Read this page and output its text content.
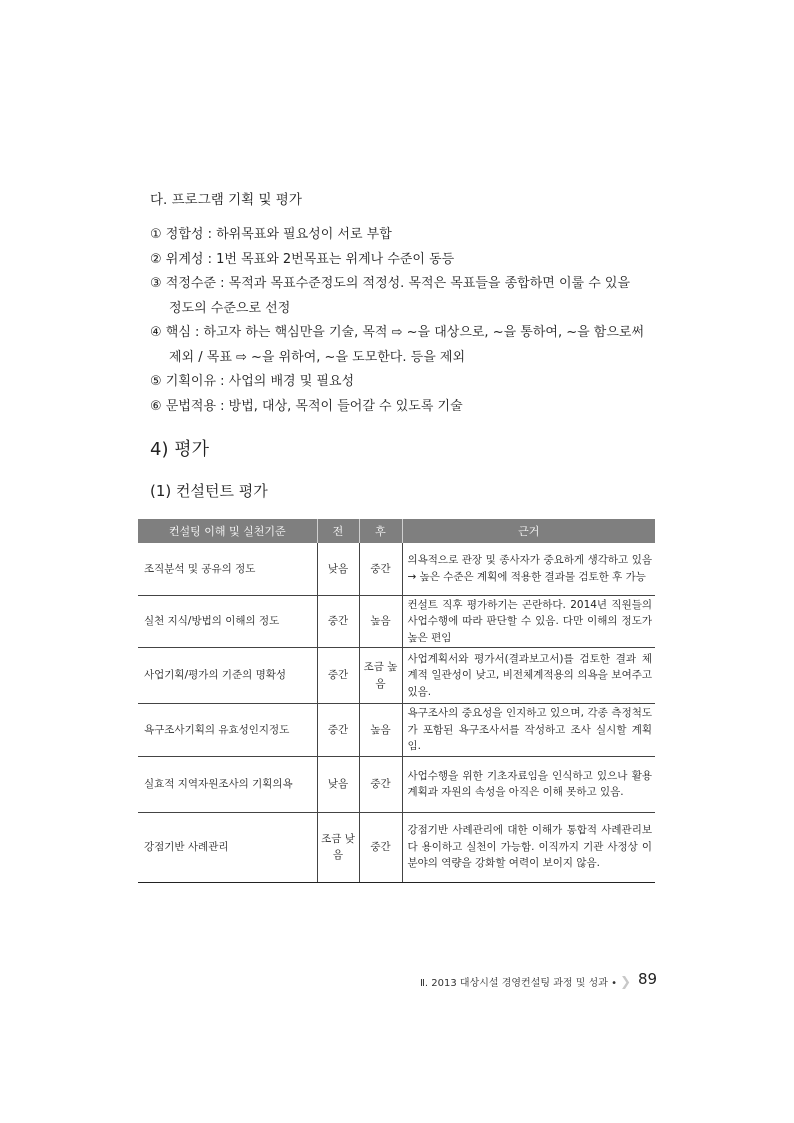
다. 프로그램 기획 및 평가
① 정합성 : 하위목표와 필요성이 서로 부합
② 위계성 : 1번 목표와 2번목표는 위계나 수준이 동등
③ 적정수준 : 목적과 목표수준정도의 적정성. 목적은 목표들을 종합하면 이룰 수 있을
정도의 수준으로 선정
④ 핵심 : 하고자 하는 핵심만을 기술, 목적 ⇨ ~을 대상으로, ~을 통하여, ~을 함으로써
제외 / 목표 ⇨ ~을 위하여, ~을 도모한다. 등을 제외
⑤ 기획이유 : 사업의 배경 및 필요성
⑥ 문법적용 : 방법, 대상, 목적이 들어갈 수 있도록 기술
4) 평가
(1) 컨설턴트 평가
컨설팅 이해 및 실천기준	전	후	근거
조직분석 및 공유의 정도	낮음	중간	의욕적으로 관장 및 종사자가 중요하게 생각하고 있음 → 높은 수준은 계획에 적용한 결과물 검토한 후 가능
실천 지식/방법의 이해의 정도	중간	높음	컨설트 직후 평가하기는 곤란하다. 2014년 직원들의 사업수행에 따라 판단할 수 있음. 다만 이해의 정도가 높은 편임
사업기획/평가의 기준의 명확성	중간	조금 높음	사업계획서와 평가서(결과보고서)를 검토한 결과 체계적 일관성이 낮고, 비전체계적용의 의욕을 보여주고 있음.
욕구조사기획의 유효성인지정도	중간	높음	욕구조사의 중요성을 인지하고 있으며, 각종 측정척도가 포함된 욕구조사서를 작성하고 조사 실시할 계획임.
실효적 지역자원조사의 기획의욕	낮음	중간	사업수행을 위한 기초자료임을 인식하고 있으나 활용계획과 자원의 속성을 아직은 이해 못하고 있음.
강점기반 사례관리	조금 낮음	중간	강점기반 사례관리에 대한 이해가 통합적 사례관리보다 용이하고 실천이 가능함. 이직까지 기관 사정상 이 분야의 역량을 강화할 여력이 보이지 않음.
Ⅱ. 2013 대상시설 경영컨설팅 과정 및 성과 • ❯ 89
